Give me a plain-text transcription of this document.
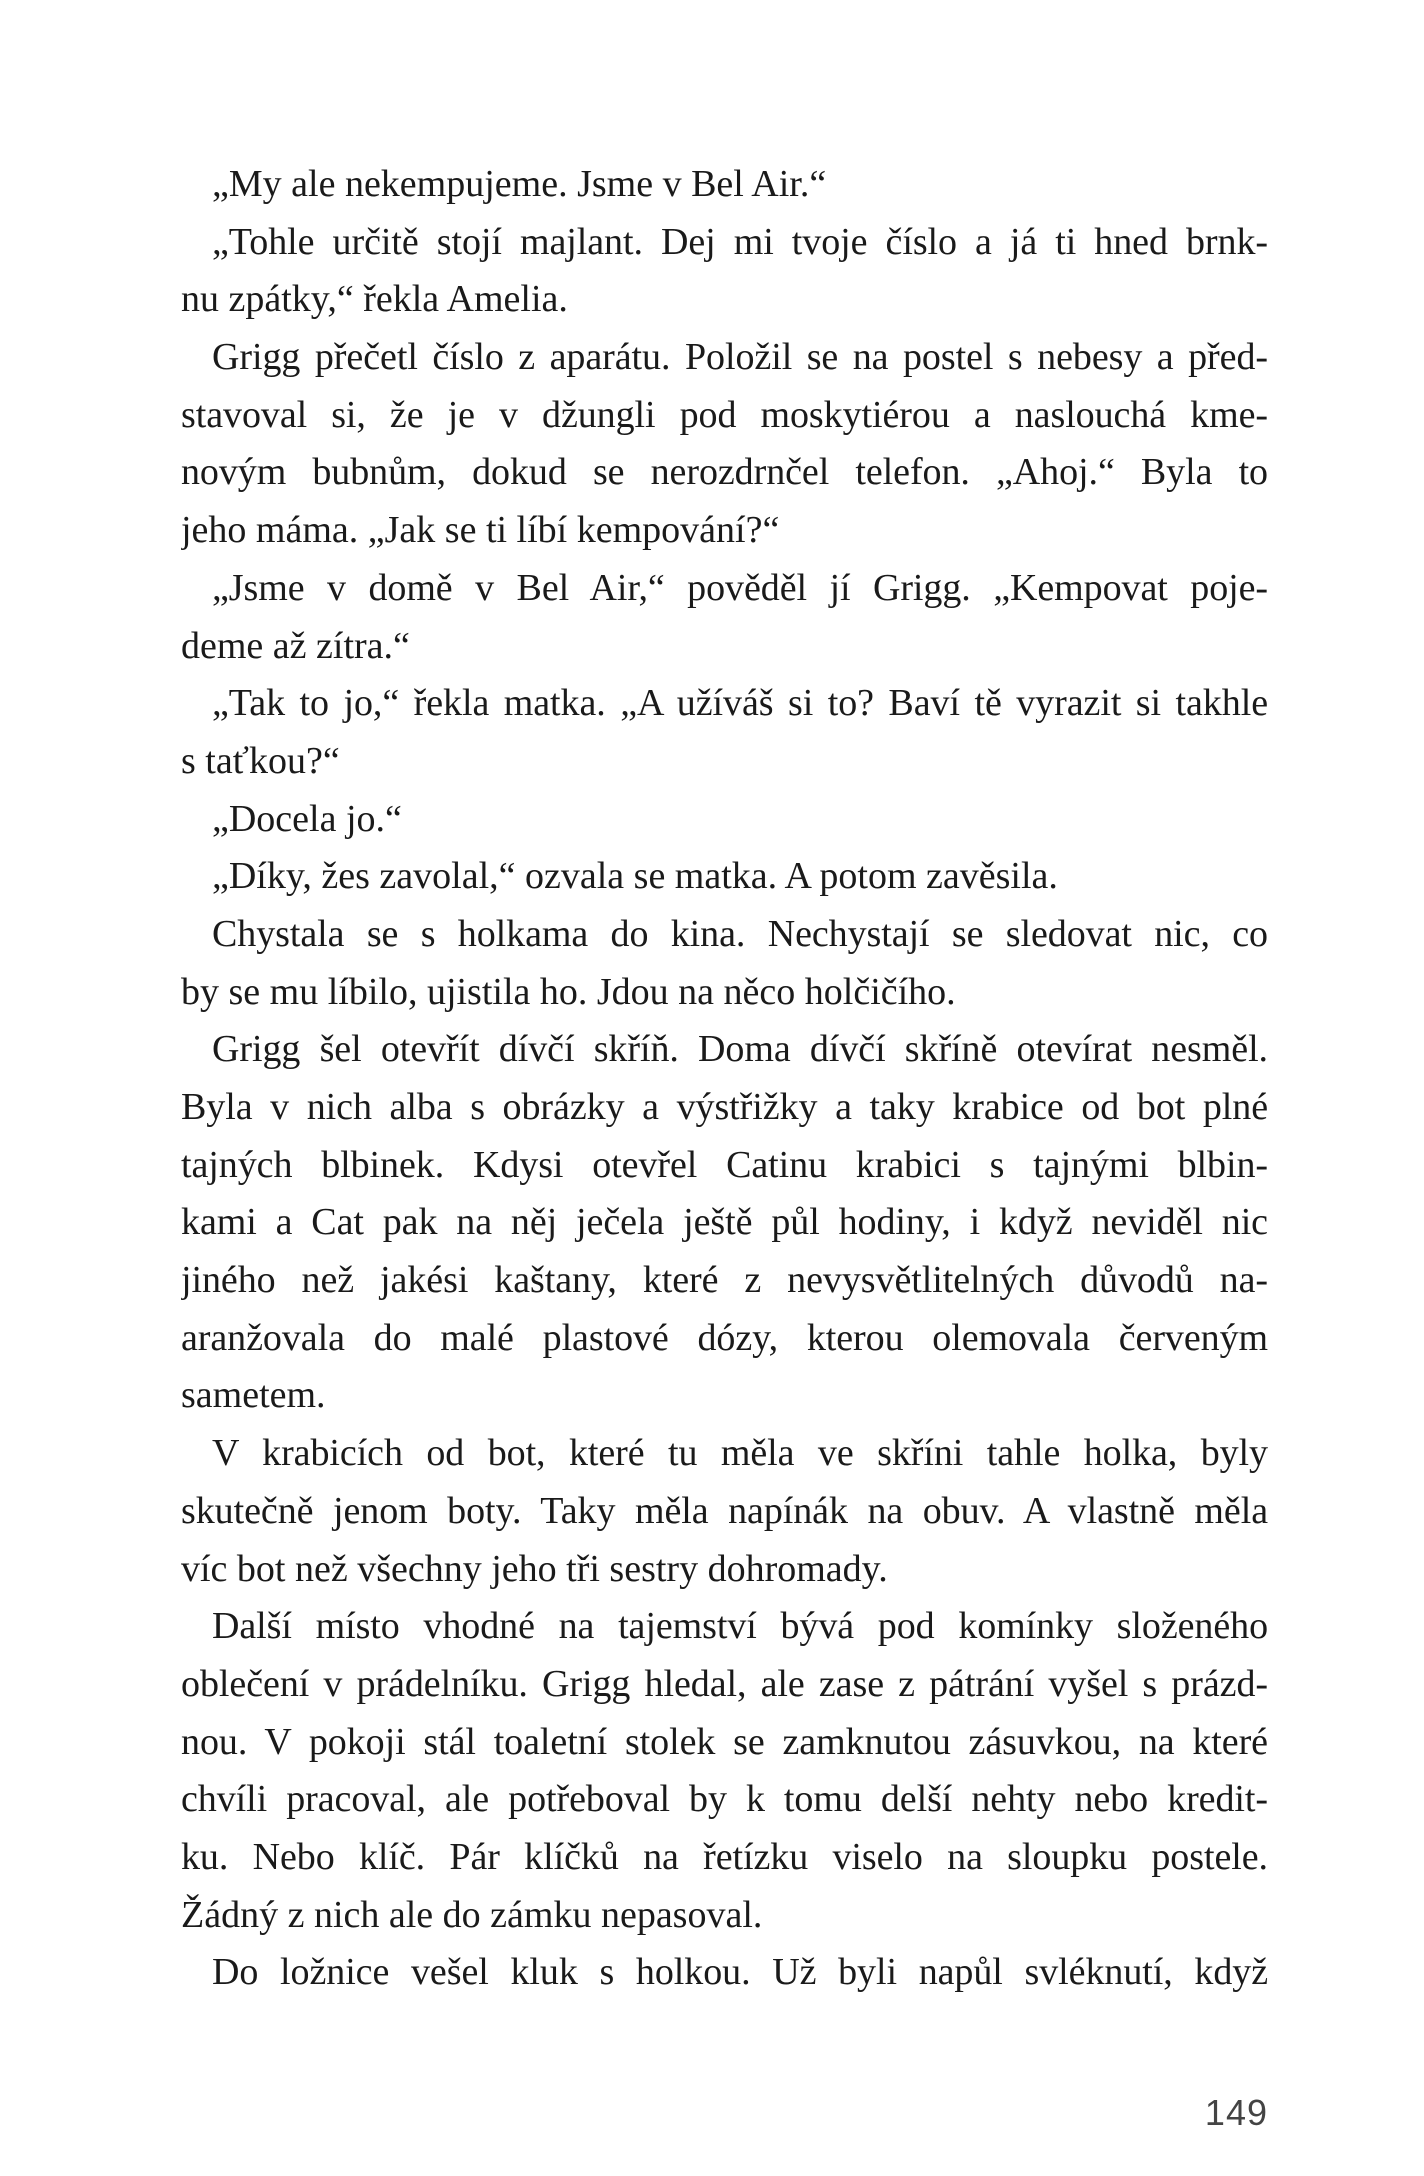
„My ale nekempujeme. Jsme v Bel Air.“
„Tohle určitě stojí majlant. Dej mi tvoje číslo a já ti hned brnk-
nu zpátky,“ řekla Amelia.
Grigg přečetl číslo z aparátu. Položil se na postel s nebesy a před-
stavoval si, že je v džungli pod moskytiérou a naslouchá kme-
novým bubnům, dokud se nerozdrnčel telefon. „Ahoj.“ Byla to
jeho máma. „Jak se ti líbí kempování?“
„Jsme v domě v Bel Air,“ pověděl jí Grigg. „Kempovat poje-
deme až zítra.“
„Tak to jo,“ řekla matka. „A užíváš si to? Baví tě vyrazit si takhle
s taťkou?“
„Docela jo.“
„Díky, žes zavolal,“ ozvala se matka. A potom zavěsila.
Chystala se s holkama do kina. Nechystají se sledovat nic, co
by se mu líbilo, ujistila ho. Jdou na něco holčičího.
Grigg šel otevřít dívčí skříň. Doma dívčí skříně otevírat nesměl.
Byla v nich alba s obrázky a výstřižky a taky krabice od bot plné
tajných blbinek. Kdysi otevřel Catinu krabici s tajnými blbin-
kami a Cat pak na něj ječela ještě půl hodiny, i když neviděl nic
jiného než jakési kaštany, které z nevysvětlitelných důvodů na-
aranžovala do malé plastové dózy, kterou olemovala červeným
sametem.
V krabicích od bot, které tu měla ve skříni tahle holka, byly
skutečně jenom boty. Taky měla napínák na obuv. A vlastně měla
víc bot než všechny jeho tři sestry dohromady.
Další místo vhodné na tajemství bývá pod komínky složeného
oblečení v prádelníku. Grigg hledal, ale zase z pátrání vyšel s prázd-
nou. V pokoji stál toaletní stolek se zamknutou zásuvkou, na které
chvíli pracoval, ale potřeboval by k tomu delší nehty nebo kredit-
ku. Nebo klíč. Pár klíčků na řetízku viselo na sloupku postele.
Žádný z nich ale do zámku nepasoval.
Do ložnice vešel kluk s holkou. Už byli napůl svléknutí, když
149
